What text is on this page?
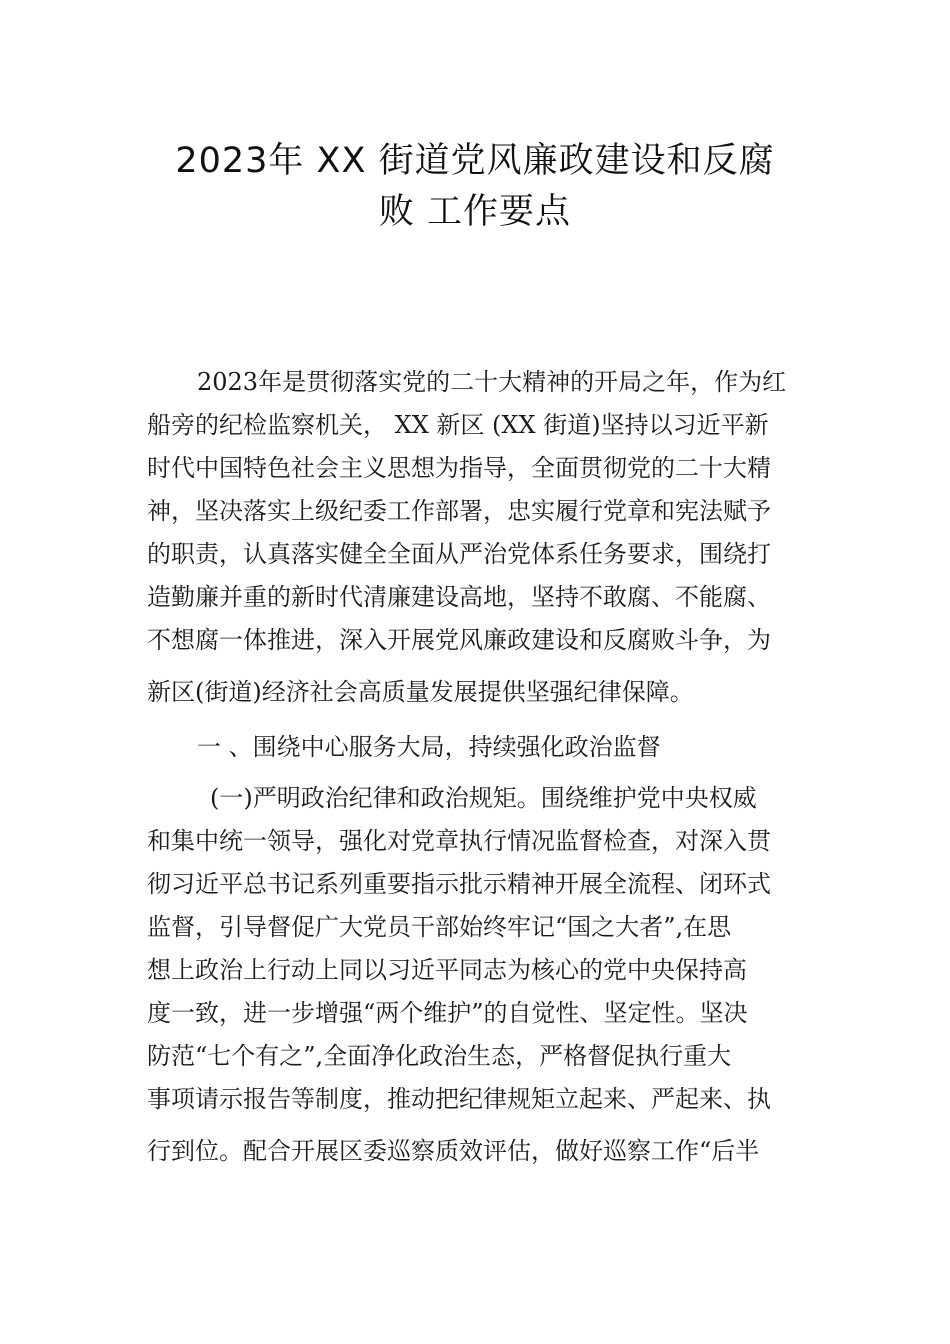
2023年 XX 街道党风廉政建设和反腐
败 工作要点
2023年是贯彻落实党的二十大精神的开局之年，作为红
船旁的纪检监察机关， XX 新区 (XX 街道)坚持以习近平新
时代中国特色社会主义思想为指导，全面贯彻党的二十大精
神，坚决落实上级纪委工作部署，忠实履行党章和宪法赋予
的职责，认真落实健全全面从严治党体系任务要求，围绕打
造勤廉并重的新时代清廉建设高地，坚持不敢腐、不能腐、
不想腐一体推进，深入开展党风廉政建设和反腐败斗争，为
新区(街道)经济社会高质量发展提供坚强纪律保障。
一 、围绕中心服务大局，持续强化政治监督
(一)严明政治纪律和政治规矩。围绕维护党中央权威
和集中统一领导，强化对党章执行情况监督检查，对深入贯
彻习近平总书记系列重要指示批示精神开展全流程、闭环式
监督，引导督促广大党员干部始终牢记“国之大者”,在思
想上政治上行动上同以习近平同志为核心的党中央保持高
度一致，进一步增强“两个维护”的自觉性、坚定性。坚决
防范“七个有之”,全面净化政治生态，严格督促执行重大
事项请示报告等制度，推动把纪律规矩立起来、严起来、执
行到位。配合开展区委巡察质效评估，做好巡察工作“后半
